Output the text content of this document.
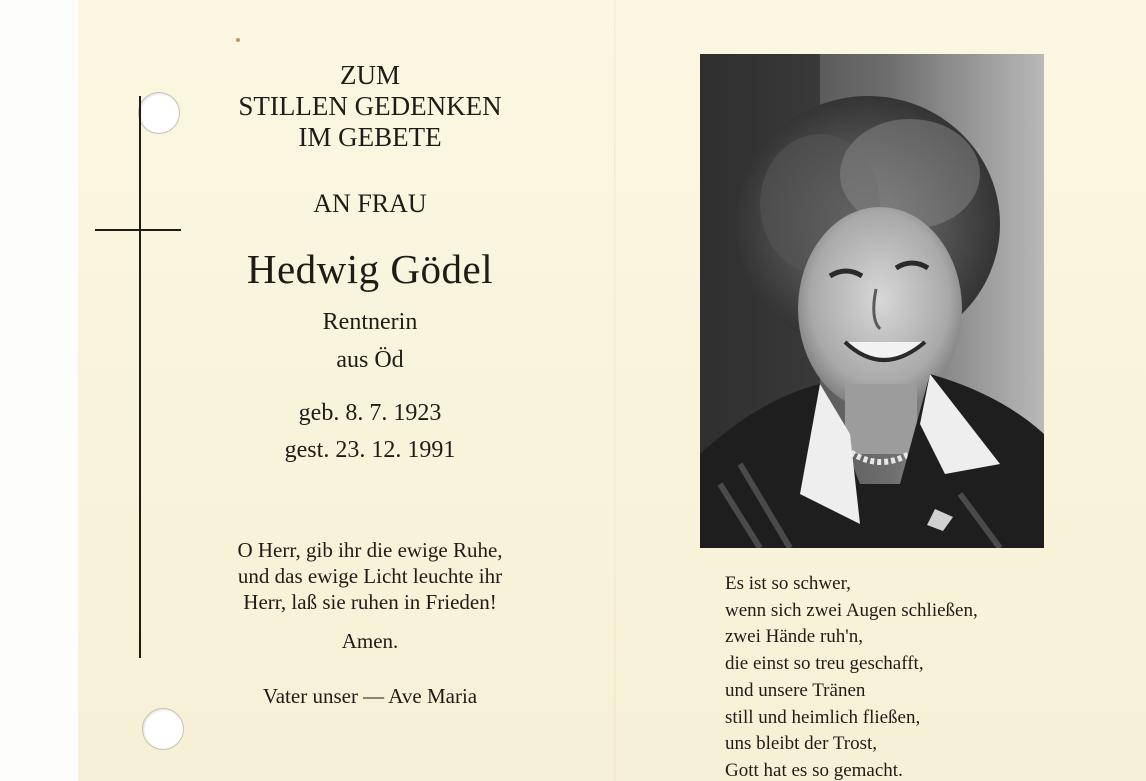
ZUM
STILLEN GEDENKEN
IM GEBETE
AN FRAU
Hedwig Gödel
Rentnerin
aus Öd
geb. 8. 7. 1923
gest. 23. 12. 1991
O Herr, gib ihr die ewige Ruhe,
und das ewige Licht leuchte ihr
Herr, laß sie ruhen in Frieden!
Amen.
Vater unser — Ave Maria
Es ist so schwer,
wenn sich zwei Augen schließen,
zwei Hände ruh'n,
die einst so treu geschafft,
und unsere Tränen
still und heimlich fließen,
uns bleibt der Trost,
Gott hat es so gemacht.
